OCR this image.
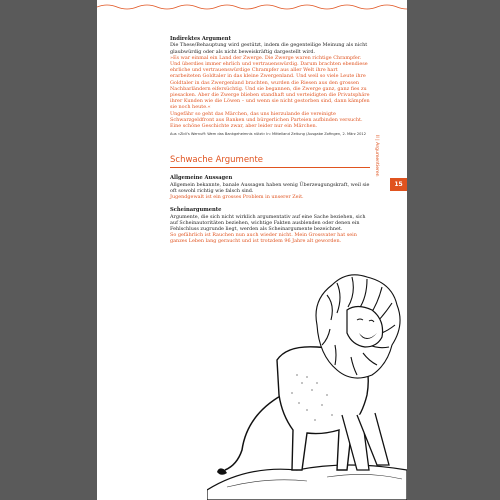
Indirektes Argument

Die These/Behauptung wird gestützt, indem die gegenteilige Meinung als nicht glaubwürdig oder als nicht beweiskräftig dargestellt wird.

»Es war einmal ein Land der Zwerge. Die Zwerge waren richtige Chrampfer. Und überdies immer ehrlich und vertrauenswürdig. Darum brachten ebendiese ehrliche und vertrauenswürdige Chrampfer aus aller Welt ihre hart erarbeiteten Goldtaler in das kleine Zwergenland. Und weil so viele Leute ihre Goldtaler in das Zwergenland brachten, wurden die Riesen aus den grossen Nachbarländern eifersüchtig. Und sie begannen, die Zwerge ganz, ganz fies zu piesacken. Aber die Zwerge blieben standhaft und verteidigten die Privatsphäre ihrer Kunden wie die Löwen – und wenn sie nicht gestorben sind, dann kämpfen sie noch heute.«

Ungefähr so geht das Märchen, das uns hierzulande die vereinigte Schwarzgeldfront aus Banken und bürgerlichen Parteien aufbinden versucht. Eine schöne Geschichte zwar, aber leider nur ein Märchen.

Aus «Zidi’s Wernuff: Wem das Bankgeheimnis nützt» In: Mittelland Zeitung (Ausgabe Zofingen, 2. März 2012
Schwache Argumente
Allgemeine Aussagen

Allgemein bekannte, banale Aussagen haben wenig Überzeugungskraft, weil sie oft sowohl richtig wie falsch sind.

Jugendgewalt ist ein grosses Problem in unserer Zeit.

Scheinargumente

Argumente, die sich nicht wirklich argumentativ auf eine Sache beziehen, sich auf Scheinautoritäten beziehen, wichtige Fakten ausblenden oder denen ein Fehlschluss zugrunde liegt, werden als Scheinargumente bezeichnet.

So gefährlich ist Rauchen nun auch wieder nicht. Mein Grossvater hat sein ganzes Leben lang geraucht und ist trotzdem 96 Jahre alt geworden.

II | Argumentieren
15
